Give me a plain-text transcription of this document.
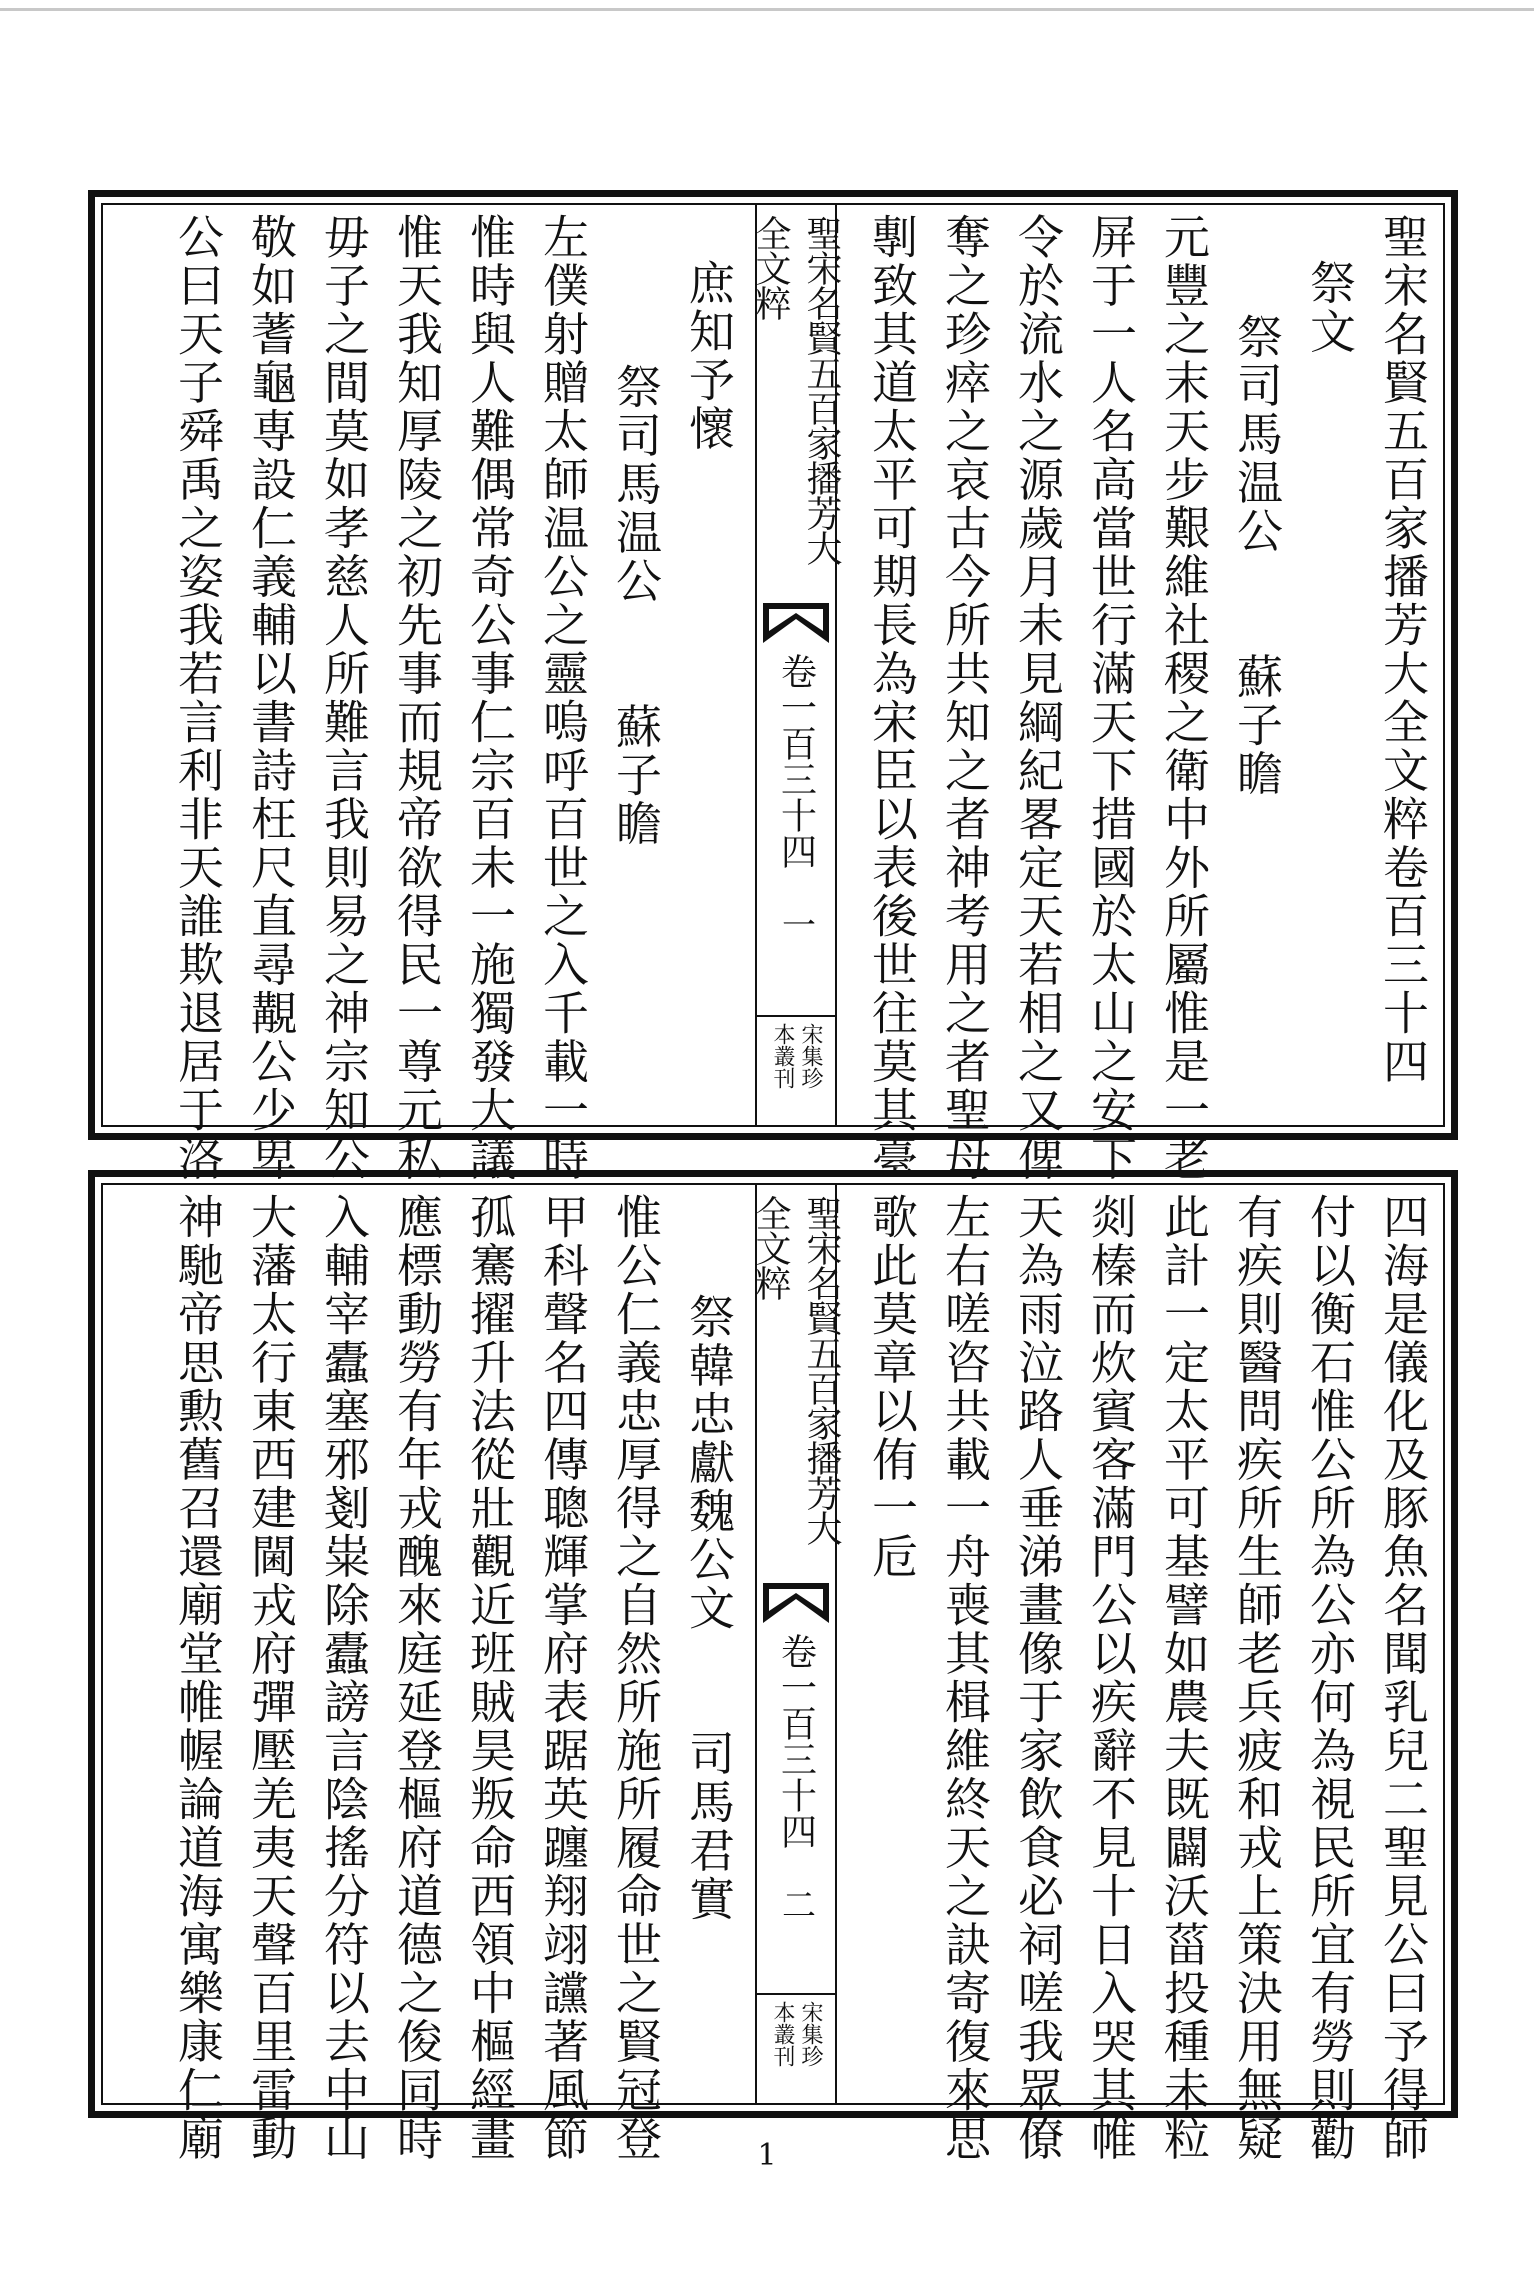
聖宋名賢五百家播芳大全文粹卷百三十四
祭文
祭司馬温公　　蘇子瞻
元豐之末天步艱維社稷之衛中外所屬惟是一老
屏于一人名高當世行滿天下措國於太山之安下
令於流水之源歲月未見綱紀畧定天若相之又俾
奪之珍瘁之哀古今所共知之者神考用之者聖母
剸致其道太平可期長為宋臣以表後世往莫其臺
聖宋名賢五百家播芳大全文粹
卷一百三十四
一
宋集珍
本叢刊
庶知予懷
祭司馬温公　　蘇子瞻
左僕射贈太師温公之靈嗚呼百世之入千載一時
惟時與人難偶常奇公事仁宗百未一施獨發大議
惟天我知厚陵之初先事而規帝欲得民一尊元私
毋子之間莫如孝慈人所難言我則易之神宗知公
敬如蓍龜専設仁義輔以書詩枉尺直尋覯公少卑
公曰天子舜禹之姿我若言利非天誰欺退居于洛
四海是儀化及豚魚名聞乳兒二聖見公曰予得師
付以衡石惟公所為公亦何為視民所宜有勞則勸
有疾則醫問疾所生師老兵疲和戎上策決用無疑
此計一定太平可基譬如農夫既闢沃菑投種未粒
剡榛而炊賓客滿門公以疾辭不見十日入哭其帷
天為雨泣路人垂涕畫像于家飲食必祠嗟我眾僚
左右嗟咨共載一舟喪其楫維終天之訣寄復來思
歌此莫章以侑一卮
聖宋名賢五百家播芳大全文粹
卷一百三十四
二
宋集珍
本叢刊
祭韓忠獻魏公文　　司馬君實
惟公仁義忠厚得之自然所施所履命世之賢冠登
甲科聲名四傳聰輝掌府表踞英躔翔翊讜著風節
孤騫擢升法從壯觀近班賊昊叛命西領中樞經畫
應標動勞有年戎醜來庭延登樞府道德之俊同時
入輔宰蠹塞邪剗粜除蠹謗言陰搖分符以去中山
大藩太行東西建閫戎府彈壓羌夷天聲百里雷動
神馳帝思勲舊召還廟堂帷幄論道海寓樂康仁廟	1
